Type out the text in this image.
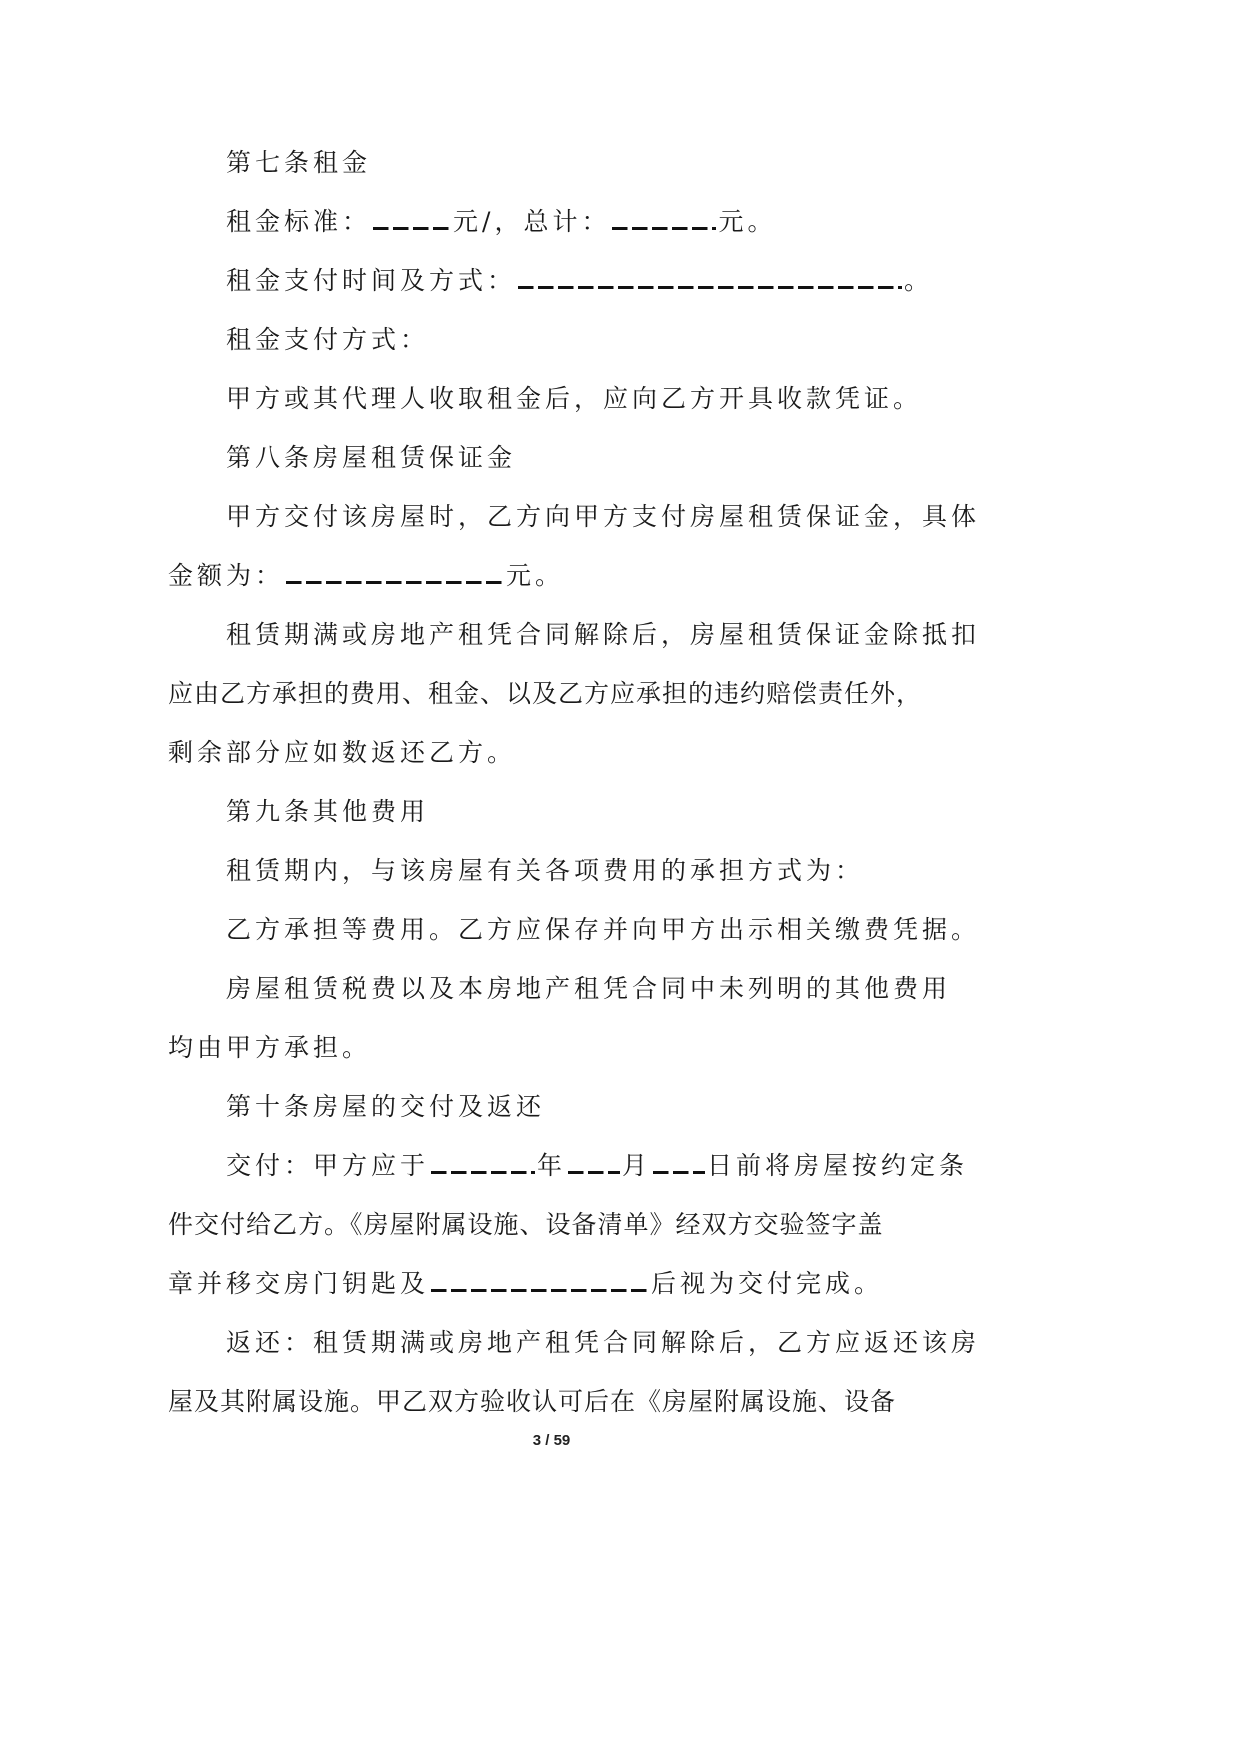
第七条租金
租金标准：	元/，总计：	元。
租金支付时间及方式：	。
租金支付方式：
甲方或其代理人收取租金后，应向乙方开具收款凭证。
第八条房屋租赁保证金
甲方交付该房屋时，乙方向甲方支付房屋租赁保证金，具体
金额为：	元。
租赁期满或房地产租凭合同解除后，房屋租赁保证金除抵扣
应由乙方承担的费用、租金、以及乙方应承担的违约赔偿责任外，
剩余部分应如数返还乙方。
第九条其他费用
租赁期内，与该房屋有关各项费用的承担方式为：
乙方承担等费用。乙方应保存并向甲方出示相关缴费凭据。
房屋租赁税费以及本房地产租凭合同中未列明的其他费用
均由甲方承担。
第十条房屋的交付及返还
交付：甲方应于	年 月 日前将房屋按约定条
件交付给乙方。《房屋附属设施、设备清单》经双方交验签字盖
章并移交房门钥匙及	后视为交付完成。
返还：租赁期满或房地产租凭合同解除后，乙方应返还该房
屋及其附属设施。甲乙双方验收认可后在《房屋附属设施、设备
3 / 59
